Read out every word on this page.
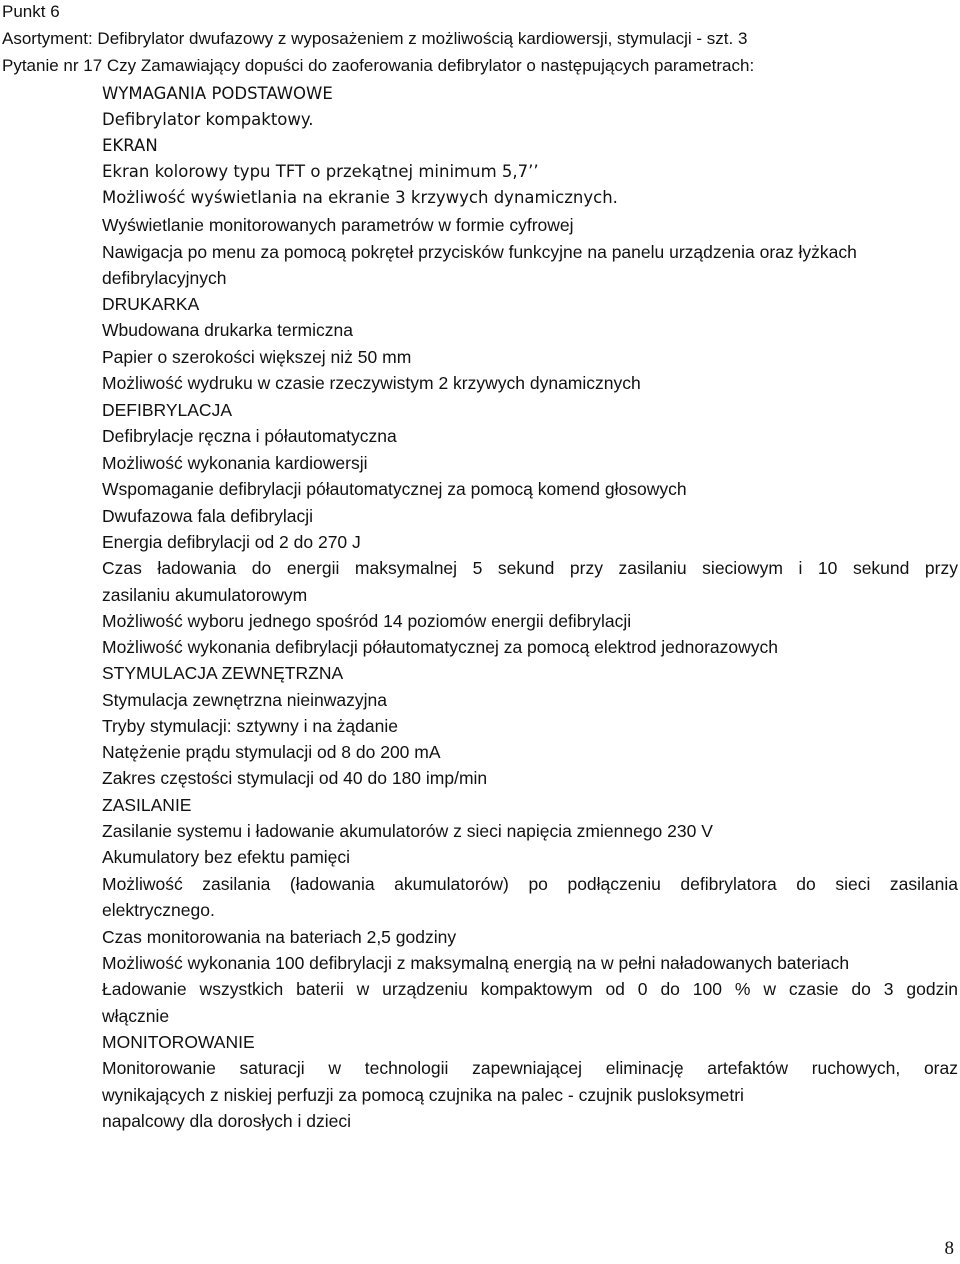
Punkt 6
Asortyment: Defibrylator dwufazowy z wyposażeniem z możliwością kardiowersji, stymulacji - szt. 3
Pytanie nr 17 Czy Zamawiający dopuści do zaoferowania defibrylator o następujących parametrach:
WYMAGANIA PODSTAWOWE
Defibrylator kompaktowy.
EKRAN
Ekran kolorowy typu TFT o przekątnej minimum 5,7’’
Możliwość wyświetlania na ekranie 3 krzywych dynamicznych.
Wyświetlanie monitorowanych parametrów w formie cyfrowej
Nawigacja po menu za pomocą pokręteł przycisków funkcyjne na panelu urządzenia oraz łyżkach
defibrylacyjnych
DRUKARKA
Wbudowana drukarka termiczna
Papier o szerokości większej niż 50 mm
Możliwość wydruku w czasie rzeczywistym 2 krzywych dynamicznych
DEFIBRYLACJA
Defibrylacje ręczna i półautomatyczna
Możliwość wykonania kardiowersji
Wspomaganie defibrylacji półautomatycznej za pomocą komend głosowych
Dwufazowa fala defibrylacji
Energia defibrylacji od 2 do 270 J
Czas ładowania do energii maksymalnej 5 sekund przy zasilaniu sieciowym i 10 sekund przy
zasilaniu akumulatorowym
Możliwość wyboru jednego spośród 14 poziomów energii defibrylacji
Możliwość wykonania defibrylacji półautomatycznej za pomocą elektrod jednorazowych
STYMULACJA ZEWNĘTRZNA
Stymulacja zewnętrzna nieinwazyjna
Tryby stymulacji: sztywny i na żądanie
Natężenie prądu stymulacji od 8 do 200 mA
Zakres częstości stymulacji od 40 do 180 imp/min
ZASILANIE
Zasilanie systemu i ładowanie akumulatorów z sieci napięcia zmiennego 230 V
Akumulatory bez efektu pamięci
Możliwość zasilania (ładowania akumulatorów) po podłączeniu defibrylatora do sieci zasilania
elektrycznego.
Czas monitorowania na bateriach 2,5 godziny
Możliwość wykonania 100 defibrylacji z maksymalną energią na w pełni naładowanych bateriach
Ładowanie wszystkich baterii w urządzeniu kompaktowym od 0 do 100 % w czasie do 3 godzin
włącznie
MONITOROWANIE
Monitorowanie saturacji w technologii zapewniającej eliminację artefaktów ruchowych, oraz
wynikających z niskiej perfuzji za pomocą czujnika na palec - czujnik pusloksymetri
napalcowy dla dorosłych i dzieci
8
